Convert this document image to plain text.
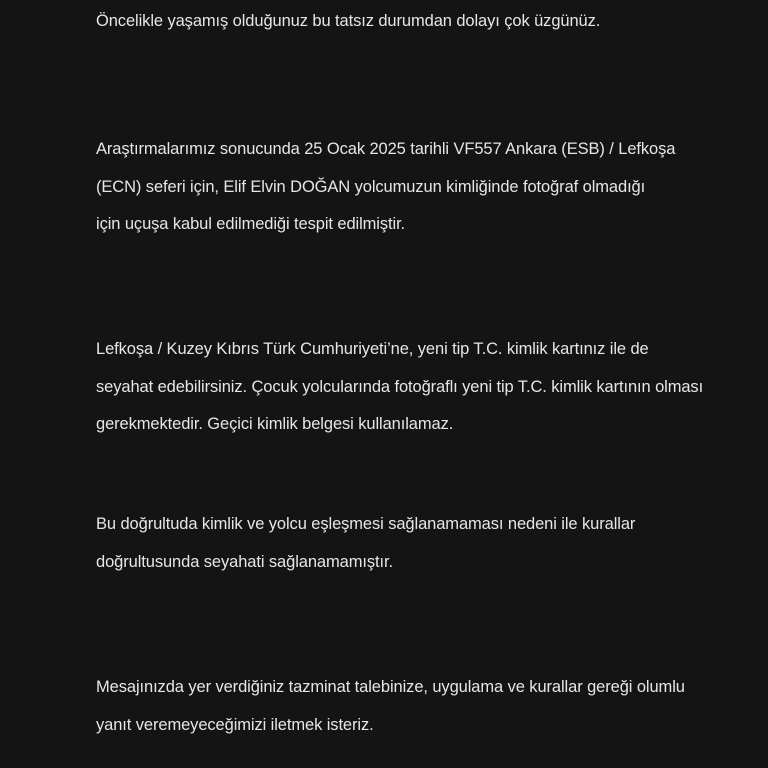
Öncelikle yaşamış olduğunuz bu tatsız durumdan dolayı çok üzgünüz.

Araştırmalarımız sonucunda 25 Ocak 2025 tarihli VF557 Ankara (ESB) / Lefkoşa
(ECN) seferi için, Elif Elvin DOĞAN yolcumuzun kimliğinde fotoğraf olmadığı
için uçuşa kabul edilmediği tespit edilmiştir.

Lefkoşa / Kuzey Kıbrıs Türk Cumhuriyeti’ne, yeni tip T.C. kimlik kartınız ile de
seyahat edebilirsiniz. Çocuk yolcularında fotoğraflı yeni tip T.C. kimlik kartının olması
gerekmektedir. Geçici kimlik belgesi kullanılamaz.

Bu doğrultuda kimlik ve yolcu eşleşmesi sağlanamaması nedeni ile kurallar
doğrultusunda seyahati sağlanamamıştır.

Mesajınızda yer verdiğiniz tazminat talebinize, uygulama ve kurallar gereği olumlu
yanıt veremeyeceğimizi iletmek isteriz.
